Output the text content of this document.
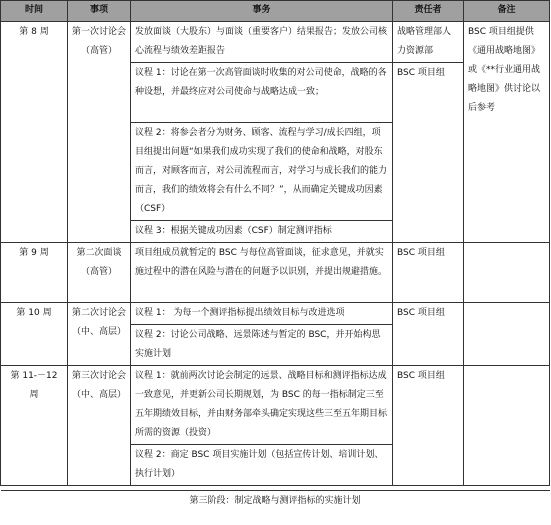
时间	事项	事务	责任者	备注
第 8 周	第一次讨论会（高管）	发放面谈（大股东）与面谈（重要客户）结果报告；发放公司核心流程与绩效差距报告	战略管理部人力资源部	BSC 项目组提供《通用战略地图》或《**行业通用战略地图》供讨论以后参考
		议程 1：讨论在第一次高管面谈时收集的对公司使命，战略的各种设想，并最终应对公司使命与战略达成一致；	BSC 项目组	
		议程 2：将参会者分为财务、顾客、流程与学习/成长四组，项目组提出问题“如果我们成功实现了我们的使命和战略，对股东而言，对顾客而言，对公司流程而言，对学习与成长我们的能力而言，我们的绩效将会有什么不同？”，从而确定关键成功因素（CSF）		
		议程 3：根据关键成功因素（CSF）制定测评指标		
第 9 周	第二次面谈（高管）	项目组成员就暂定的 BSC 与每位高管面谈，征求意见，并就实施过程中的潜在风险与潜在的问题予以识别，并提出规避措施。	BSC 项目组	
第 10 周	第二次讨论会（中、高层）	议程 1： 为每一个测评指标提出绩效目标与改进选项	BSC 项目组	
		议程 2：讨论公司战略、远景陈述与暂定的 BSC，并开始构思实施计划		
第 11-－12 周	第三次讨论会（中、高层）	议程 1：就前两次讨论会制定的远景、战略目标和测评指标达成一致意见，并更新公司长期规划，为 BSC 的每一指标制定三至五年期绩效目标，并由财务部牵头确定实现这些三至五年期目标所需的资源（投资）	BSC 项目组	
		议程 2：商定 BSC 项目实施计划（包括宣传计划、培训计划、执行计划）		

第三阶段：制定战略与测评指标的实施计划				
